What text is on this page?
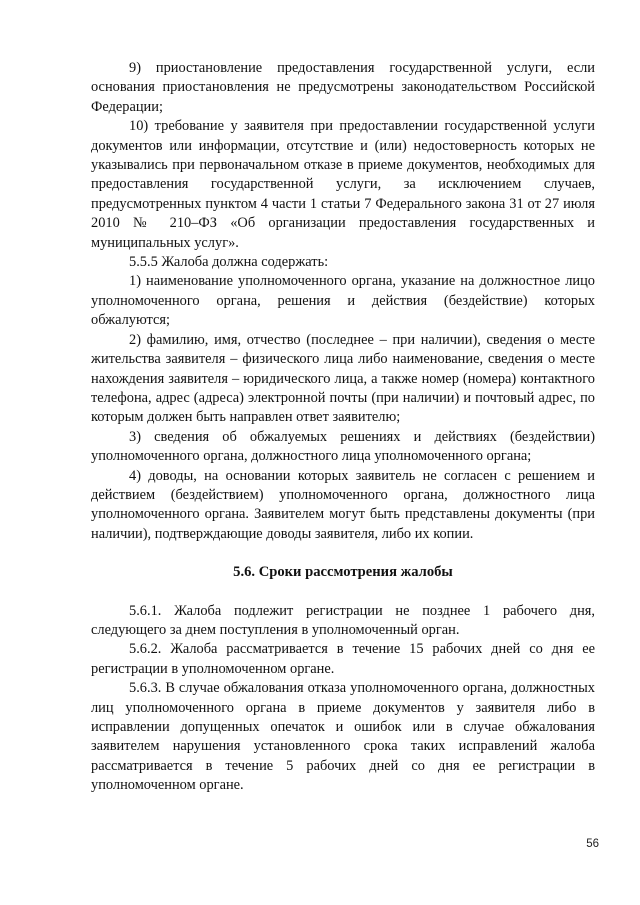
9) приостановление предоставления государственной услуги, если основания приостановления не предусмотрены законодательством Российской Федерации;

10) требование у заявителя при предоставлении государственной услуги документов или информации, отсутствие и (или) недостоверность которых не указывались при первоначальном отказе в приеме документов, необходимых для предоставления государственной услуги, за исключением случаев, предусмотренных пунктом 4 части 1 статьи 7 Федерального закона 31 от 27 июля 2010 № 210–ФЗ «Об организации предоставления государственных и муниципальных услуг».

5.5.5 Жалоба должна содержать:

1) наименование уполномоченного органа, указание на должностное лицо уполномоченного органа, решения и действия (бездействие) которых обжалуются;

2) фамилию, имя, отчество (последнее – при наличии), сведения о месте жительства заявителя – физического лица либо наименование, сведения о месте нахождения заявителя – юридического лица, а также номер (номера) контактного телефона, адрес (адреса) электронной почты (при наличии) и почтовый адрес, по которым должен быть направлен ответ заявителю;

3) сведения об обжалуемых решениях и действиях (бездействии) уполномоченного органа, должностного лица уполномоченного органа;

4) доводы, на основании которых заявитель не согласен с решением и действием (бездействием) уполномоченного органа, должностного лица уполномоченного органа. Заявителем могут быть представлены документы (при наличии), подтверждающие доводы заявителя, либо их копии.

5.6. Сроки рассмотрения жалобы

5.6.1. Жалоба подлежит регистрации не позднее 1 рабочего дня, следующего за днем поступления в уполномоченный орган.

5.6.2. Жалоба рассматривается в течение 15 рабочих дней со дня ее регистрации в уполномоченном органе.

5.6.3. В случае обжалования отказа уполномоченного органа, должностных лиц уполномоченного органа в приеме документов у заявителя либо в исправлении допущенных опечаток и ошибок или в случае обжалования заявителем нарушения установленного срока таких исправлений жалоба рассматривается в течение 5 рабочих дней со дня ее регистрации в уполномоченном органе.

56
